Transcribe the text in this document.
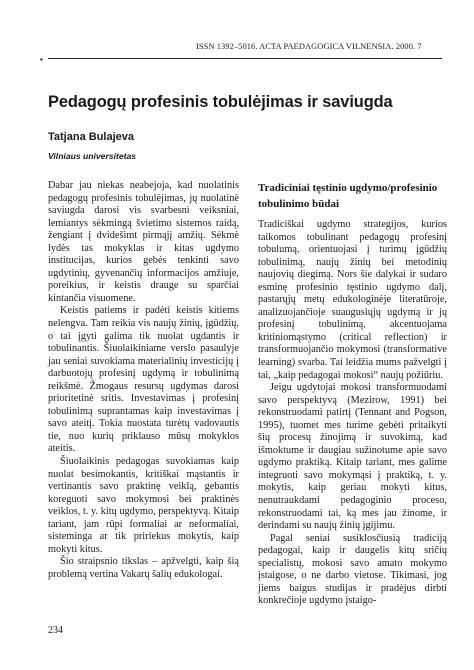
ISSN 1392–5016. ACTA PAEDAGOGICA VILNENSIA. 2000. 7
▪
Pedagogų profesinis tobulėjimas ir saviugda
Tatjana Bulajeva
Vilniaus universitetas

Dabar jau niekas neabejoja, kad nuolatinis pedagogų profesinis tobulėjimas, jų nuolatinė saviugda darosi vis svarbesni veiksniai, lemiantys sėkmingą švietimo sistemos raidą, žengiant į dvidešimt pirmąjį amžių. Sėkmė lydės tas mokyklas ir kitas ugdymo institucijas, kurios gebės tenkinti savo ugdytinių, gyvenančių informacijos amžiuje, poreikius, ir keistis drauge su sparčiai kintančia visuomene.

Keistis patiems ir padėti keistis kitiems nelengva. Tam reikia vis naujų žinių, įgūdžių, o tai įgyti galima tik nuolat ugdantis ir tobulinantis. Šiuolaikiniame verslo pasaulyje jau seniai suvokiama materialinių investicijų į darbuotojų profesinį ugdymą ir tobulinimą reikšmė. Žmogaus resursų ugdymas darosi prioritetinė sritis. Investavimas į profesinį tobulinimą suprantamas kaip investavimas į savo ateitį. Tokia nuostata turėtų vadovautis tie, nuo kurių priklauso mūsų mokyklos ateitis.

Šiuolaikinis pedagogas suvokiamas kaip nuolat besimokantis, kritiškai mąstantis ir vertinantis savo praktinę veiklą, gebantis koreguoti savo mokymosi bei praktinės veiklos, t. y. kitų ugdymo, perspektyvą. Kitaip tariant, jam rūpi formaliai ar neformaliai, sisteminga ar tik pririekus mokytis, kaip mokyti kitus.

Šio straipsnio tikslas – apžvelgti, kaip šią problemą vertina Vakarų šalių edukologai.

Tradiciniai tęstinio ugdymo/profesinio tobulinimo būdai

Tradiciškai ugdymo strategijos, kurios taikomos tobulinant pedagogų profesinį tobulumą, orientuojasi į turimų įgūdžių tobulinimą, naujų žinių bei metodinių naujovių diegimą. Nors šie dalykai ir sudaro esminę profesinio tęstinio ugdymo dalį, pastarųjų metų edukologinėje literatūroje, analizuojančioje suaugusiųjų ugdymą ir jų profesinį tobulinimą, akcentuojama kritiniomąstymo (critical reflection) ir transformuojančio mokymosi (transformative learning) svarba. Tai leidžia mums pažvelgti į tai, „kaip pedagogai mokosi“ naujų požiūriu.

Jeigu ugdytojai mokosi transformuodami savo perspektyvą (Mezirow, 1991) bei rekonstruodami patirtį (Tennant and Pogson, 1995), tuomet mes turime gebėti pritaikyti šių procesų žinojimą ir suvokimą, kad išmoktume ir daugiau sužinotume apie savo ugdymo praktiką. Kitaip tariant, mes galime integruoti savo mokymąsi į praktiką, t. y. mokytis, kaip geriau mokyti kitus, nenutraukdami pedagoginio proceso, rekonstruodami tai, ką mes jau žinome, ir derindami su naujų žinių įgijimu.

Pagal seniai susiklosčiusią tradiciją pedagogai, kaip ir daugelis kitų sričių specialistų, mokosi savo amato mokymo įstaigose, o ne darbo vietose. Tikimasi, jog jiems baigus studijas ir pradėjus dirbti konkrečioje ugdymo įstaigo-

234
